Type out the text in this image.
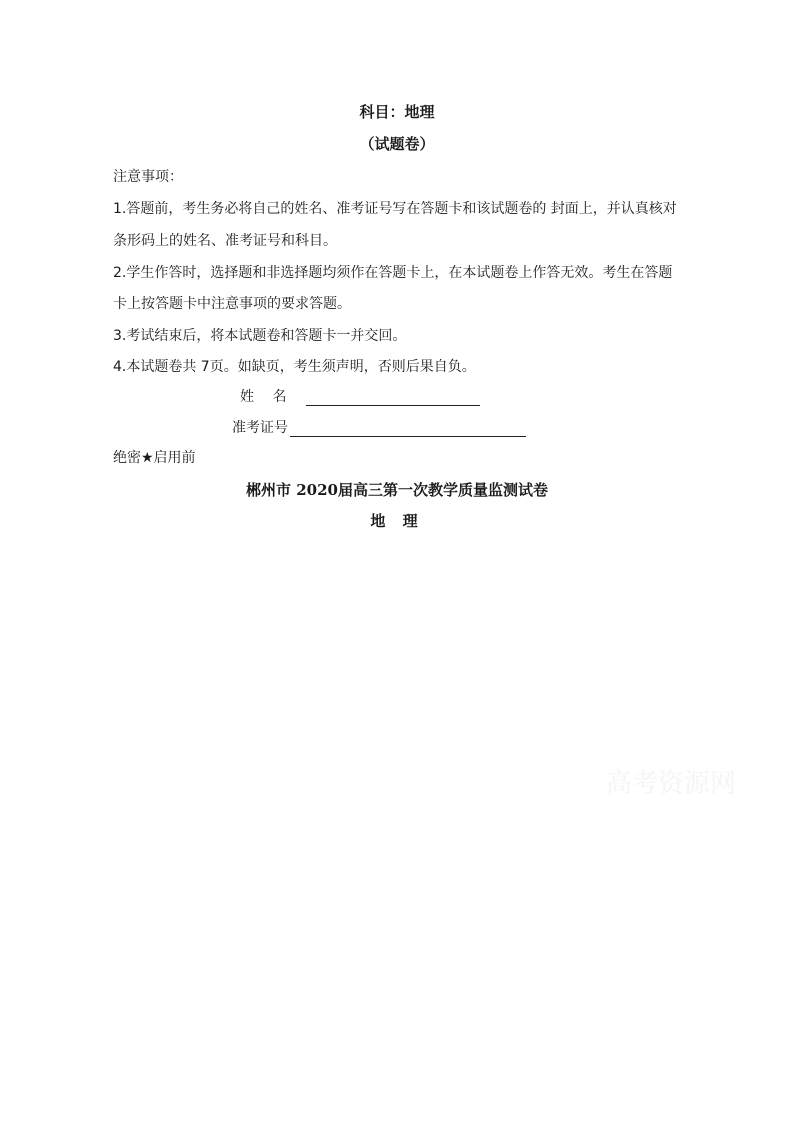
科目：地理
（试题卷）
注意事项：
1.答题前，考生务必将自己的姓名、准考证号写在答题卡和该试题卷的 封面上，并认真核对
条形码上的姓名、准考证号和科目。
2.学生作答时，选择题和非选择题均须作在答题卡上，在本试题卷上作答无效。考生在答题
卡上按答题卡中注意事项的要求答题。
3.考试结束后，将本试题卷和答题卡一并交回。
4.本试题卷共 7页。如缺页，考生须声明，否则后果自负。
姓　 名
准考证号
绝密★启用前
郴州市 2020届高三第一次教学质量监测试卷
地 理
高考资源网
